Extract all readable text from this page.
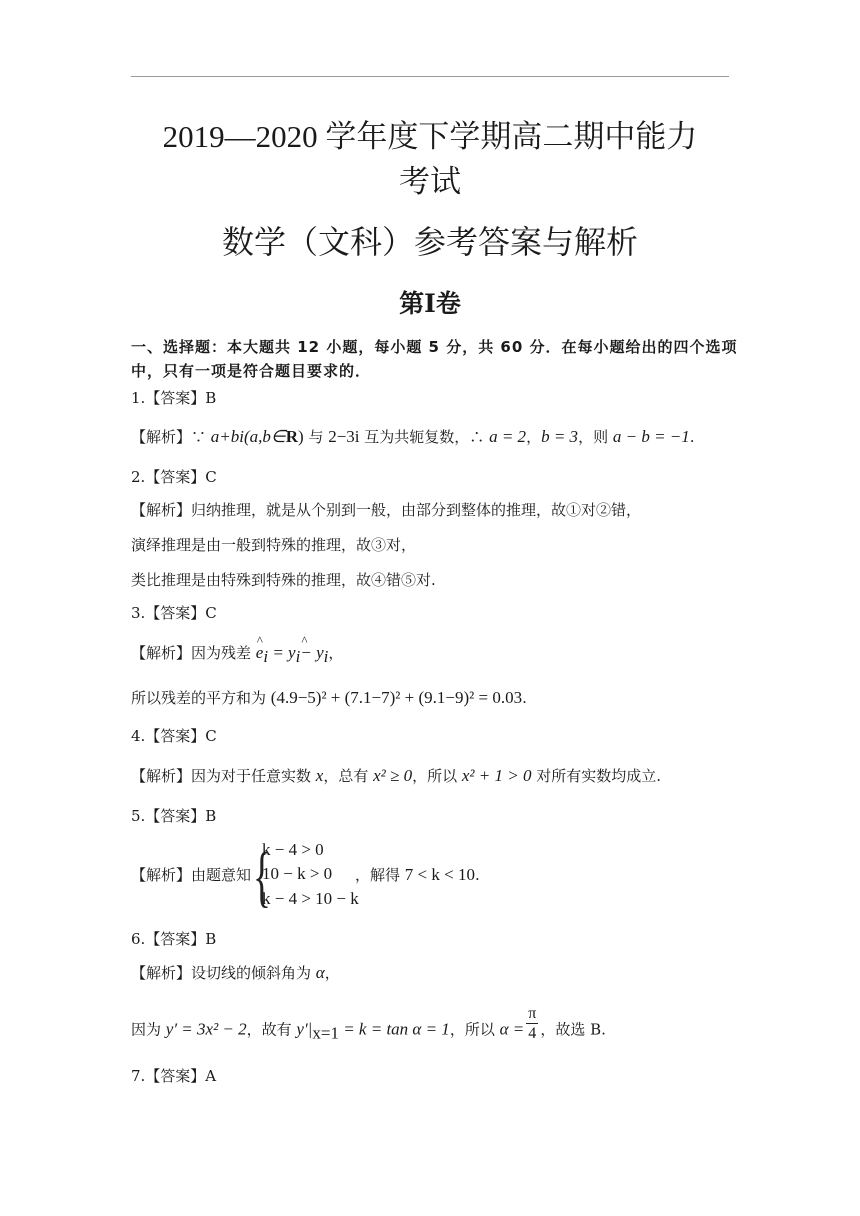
2019—2020 学年度下学期高二期中能力
考试
数学（文科）参考答案与解析
第Ⅰ卷
一、选择题：本大题共 12 小题，每小题 5 分，共 60 分．在每小题给出的四个选项中，只有一项是符合题目要求的．
1.【答案】B
【解析】∵ a+bi(a,b∈R) 与 2−3i 互为共轭复数，∴ a = 2，b = 3，则 a − b = −1.
2.【答案】C
【解析】归纳推理，就是从个别到一般，由部分到整体的推理，故①对②错，
演绎推理是由一般到特殊的推理，故③对，
类比推理是由特殊到特殊的推理，故④错⑤对.
3.【答案】C
【解析】因为残差 ^ $e_i$ = $y_i\^{} - y_i$，
所以残差的平方和为 (4.9−5)² + (7.1−7)² + (9.1−9)² = 0.03.
4.【答案】C
【解析】因为对于任意实数 x，总有 x² ≥ 0，所以 x² + 1 > 0 对所有实数均成立.
5.【答案】B
【解析】由题意知 {
k − 4 > 0
10 − k > 0
k − 4 > 10 − k
，解得 7 < k < 10.
6.【答案】B
【解析】设切线的倾斜角为 α，
因为 y′ = 3x² − 2，故有 $y'|_{x=1} = k = \tan \alpha = 1$，所以 $\alpha = \frac{\pi}{4}$ ，故选 B.
7.【答案】A
